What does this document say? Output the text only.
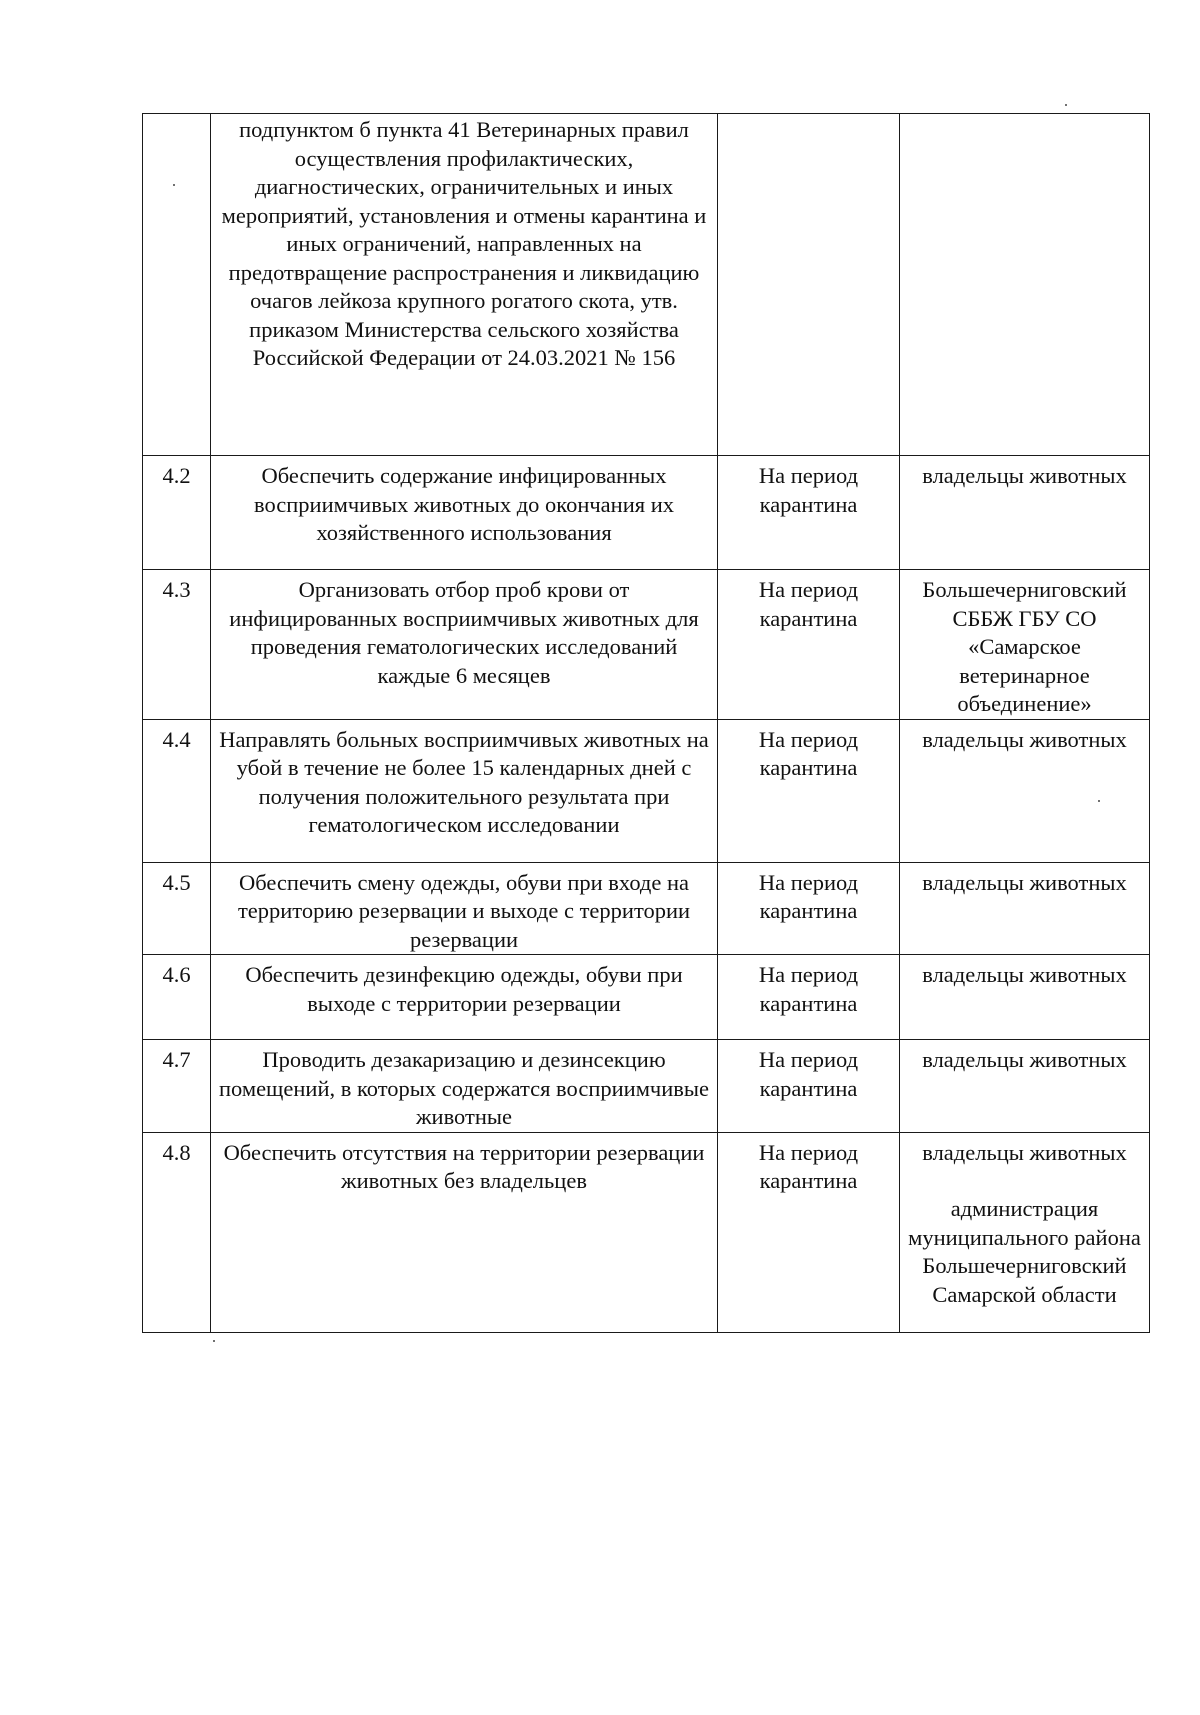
	подпунктом б пункта 41 Ветеринарных правил осуществления профилактических, диагностических, ограничительных и иных мероприятий, установления и отмены карантина и иных ограничений, направленных на предотвращение распространения и ликвидацию очагов лейкоза крупного рогатого скота, утв. приказом Министерства сельского хозяйства Российской Федерации от 24.03.2021 № 156		
4.2	Обеспечить содержание инфицированных восприимчивых животных до окончания их хозяйственного использования	На период карантина	владельцы животных
4.3	Организовать отбор проб крови от инфицированных восприимчивых животных для проведения гематологических исследований каждые 6 месяцев	На период карантина	Большечерниговский СББЖ ГБУ СО «Самарское ветеринарное объединение»
4.4	Направлять больных восприимчивых животных на убой в течение не более 15 календарных дней с получения положительного результата при гематологическом исследовании	На период карантина	владельцы животных
4.5	Обеспечить смену одежды, обуви при входе на территорию резервации и выходе с территории резервации	На период карантина	владельцы животных
4.6	Обеспечить дезинфекцию одежды, обуви при выходе с территории резервации	На период карантина	владельцы животных
4.7	Проводить дезакаризацию и дезинсекцию помещений, в которых содержатся восприимчивые животные	На период карантина	владельцы животных
4.8	Обеспечить отсутствия на территории резервации животных без владельцев	На период карантина	владельцы животных
администрация муниципального района Большечерниговский Самарской области
